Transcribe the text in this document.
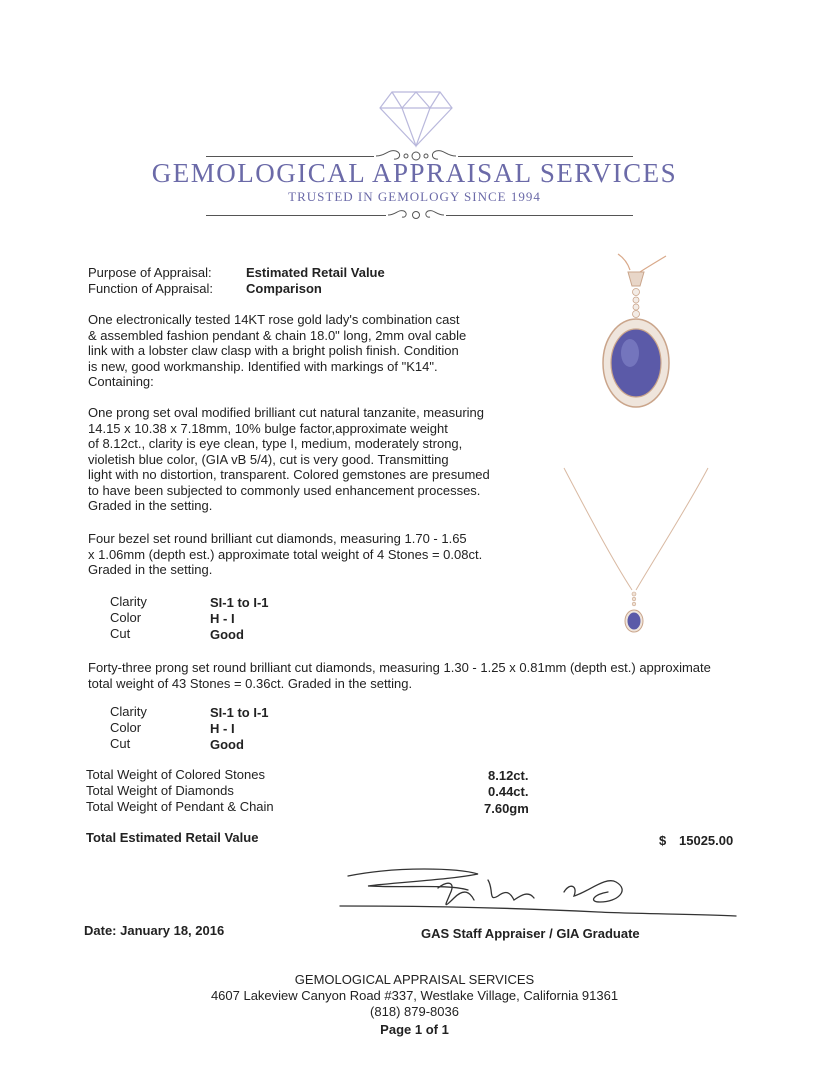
GEMOLOGICAL APPRAISAL SERVICES
TRUSTED IN GEMOLOGY SINCE 1994
Purpose of Appraisal:	Estimated Retail Value
Function of Appraisal:	Comparison
One electronically tested 14KT rose gold lady's combination cast
& assembled fashion pendant & chain 18.0" long, 2mm oval cable
link with a lobster claw clasp with a bright polish finish. Condition
is new, good workmanship. Identified with markings of "K14".
Containing:
One prong set oval modified brilliant cut natural tanzanite, measuring
14.15 x 10.38 x 7.18mm, 10% bulge factor,approximate weight
of 8.12ct., clarity is eye clean, type I, medium, moderately strong,
violetish blue color, (GIA vB 5/4), cut is very good. Transmitting
light with no distortion, transparent. Colored gemstones are presumed
to have been subjected to commonly used enhancement processes.
Graded in the setting.
Four bezel set round brilliant cut diamonds, measuring 1.70 - 1.65
x 1.06mm (depth est.) approximate total weight of 4 Stones = 0.08ct.
Graded in the setting.
Clarity	SI-1 to I-1
Color	H - I
Cut	Good
Forty-three prong set round brilliant cut diamonds, measuring 1.30 - 1.25 x 0.81mm (depth est.) approximate
total weight of 43 Stones = 0.36ct. Graded in the setting.
Clarity	SI-1 to I-1
Color	H - I
Cut	Good
Total Weight of Colored Stones	8.12ct.
Total Weight of Diamonds	0.44ct.
Total Weight of Pendant & Chain	7.60gm
Total Estimated Retail Value	$ 15025.00
Date: January 18, 2016	GAS Staff Appraiser / GIA Graduate
GEMOLOGICAL APPRAISAL SERVICES
4607 Lakeview Canyon Road #337, Westlake Village, California 91361
(818) 879-8036
Page 1 of 1
